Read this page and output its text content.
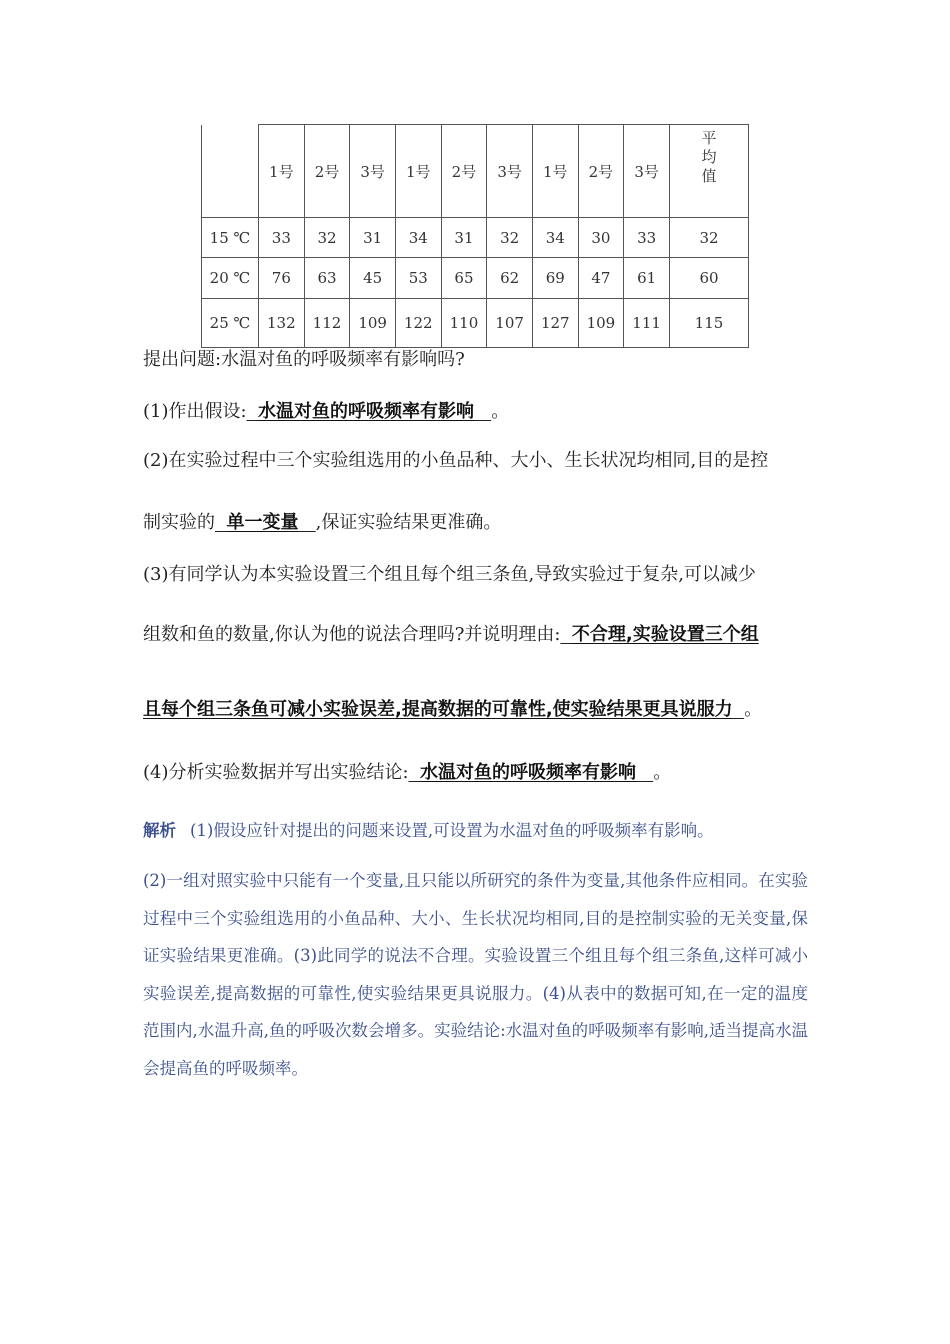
	1号	2号	3号	1号	2号	3号	1号	2号	3号	平
均
值

15 ℃	33	32	31	34	31	32	34	30	33	32
20 ℃	76	63	45	53	65	62	69	47	61	60
25 ℃	132	112	109	122	110	107	127	109	111	115
提出问题:水温对鱼的呼吸频率有影响吗?
(1)作出假设: 水温对鱼的呼吸频率有影响 。
(2)在实验过程中三个实验组选用的小鱼品种、大小、生长状况均相同,目的是控
制实验的 单一变量 ,保证实验结果更准确。
(3)有同学认为本实验设置三个组且每个组三条鱼,导致实验过于复杂,可以减少
组数和鱼的数量,你认为他的说法合理吗?并说明理由: 不合理,实验设置三个组
且每个组三条鱼可减小实验误差,提高数据的可靠性,使实验结果更具说服力 。
(4)分析实验数据并写出实验结论: 水温对鱼的呼吸频率有影响 。
解析 (1)假设应针对提出的问题来设置,可设置为水温对鱼的呼吸频率有影响。
(2)一组对照实验中只能有一个变量,且只能以所研究的条件为变量,其他条件应相同。在实验过程中三个实验组选用的小鱼品种、大小、生长状况均相同,目的是控制实验的无关变量,保证实验结果更准确。(3)此同学的说法不合理。实验设置三个组且每个组三条鱼,这样可减小实验误差,提高数据的可靠性,使实验结果更具说服力。(4)从表中的数据可知,在一定的温度范围内,水温升高,鱼的呼吸次数会增多。实验结论:水温对鱼的呼吸频率有影响,适当提高水温会提高鱼的呼吸频率。
